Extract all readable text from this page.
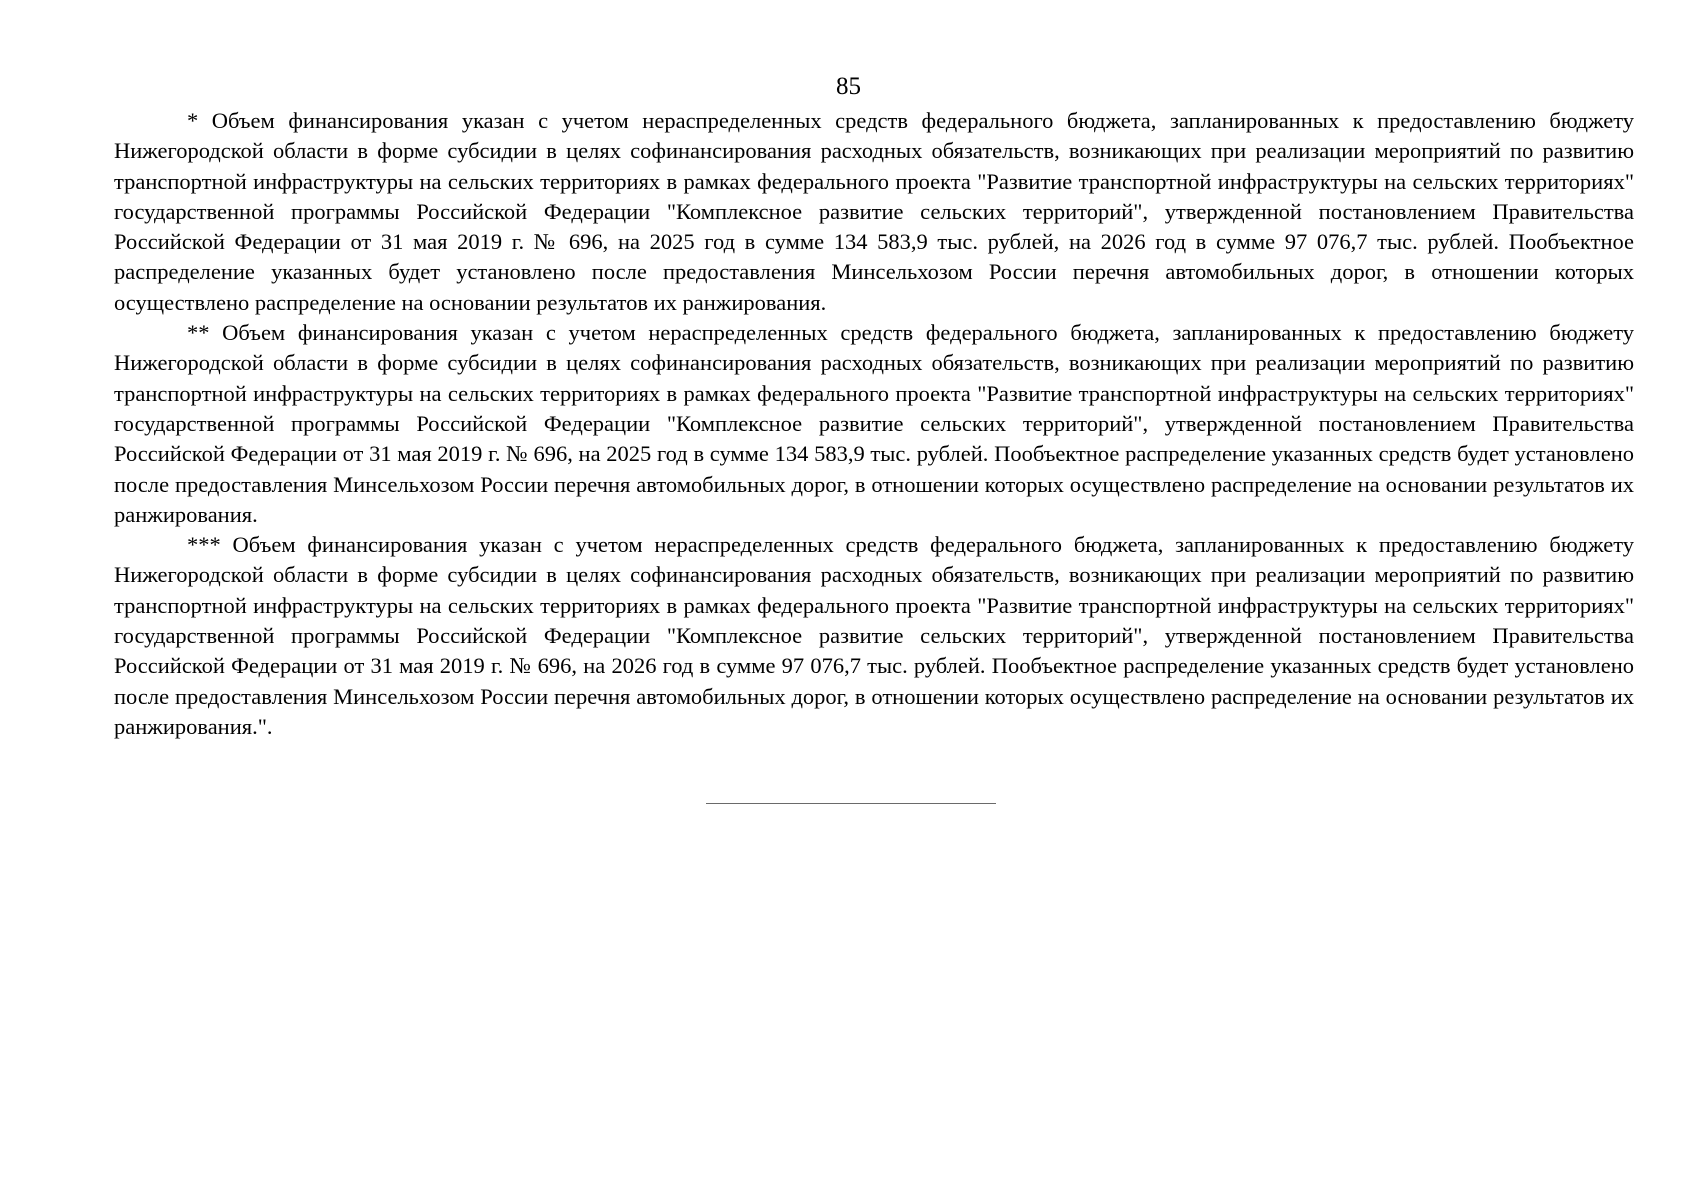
85

* Объем финансирования указан с учетом нераспределенных средств федерального бюджета, запланированных к предоставлению бюджету Нижегородской области в форме субсидии в целях софинансирования расходных обязательств, возникающих при реализации мероприятий по развитию транспортной инфраструктуры на сельских территориях в рамках федерального проекта "Развитие транспортной инфраструктуры на сельских территориях" государственной программы Российской Федерации "Комплексное развитие сельских территорий", утвержденной постановлением Правительства Российской Федерации от 31 мая 2019 г. № 696, на 2025 год в сумме 134 583,9 тыс. рублей, на 2026 год в сумме 97 076,7 тыс. рублей. Пообъектное распределение указанных будет установлено после предоставления Минсельхозом России перечня автомобильных дорог, в отношении которых осуществлено распределение на основании результатов их ранжирования.

** Объем финансирования указан с учетом нераспределенных средств федерального бюджета, запланированных к предоставлению бюджету Нижегородской области в форме субсидии в целях софинансирования расходных обязательств, возникающих при реализации мероприятий по развитию транспортной инфраструктуры на сельских территориях в рамках федерального проекта "Развитие транспортной инфраструктуры на сельских территориях" государственной программы Российской Федерации "Комплексное развитие сельских территорий", утвержденной постановлением Правительства Российской Федерации от 31 мая 2019 г. № 696, на 2025 год в сумме 134 583,9 тыс. рублей. Пообъектное распределение указанных средств будет установлено после предоставления Минсельхозом России перечня автомобильных дорог, в отношении которых осуществлено распределение на основании результатов их ранжирования.

*** Объем финансирования указан с учетом нераспределенных средств федерального бюджета, запланированных к предоставлению бюджету Нижегородской области в форме субсидии в целях софинансирования расходных обязательств, возникающих при реализации мероприятий по развитию транспортной инфраструктуры на сельских территориях в рамках федерального проекта "Развитие транспортной инфраструктуры на сельских территориях" государственной программы Российской Федерации "Комплексное развитие сельских территорий", утвержденной постановлением Правительства Российской Федерации от 31 мая 2019 г. № 696, на 2026 год в сумме 97 076,7 тыс. рублей. Пообъектное распределение указанных средств будет установлено после предоставления Минсельхозом России перечня автомобильных дорог, в отношении которых осуществлено распределение на основании результатов их ранжирования.".
